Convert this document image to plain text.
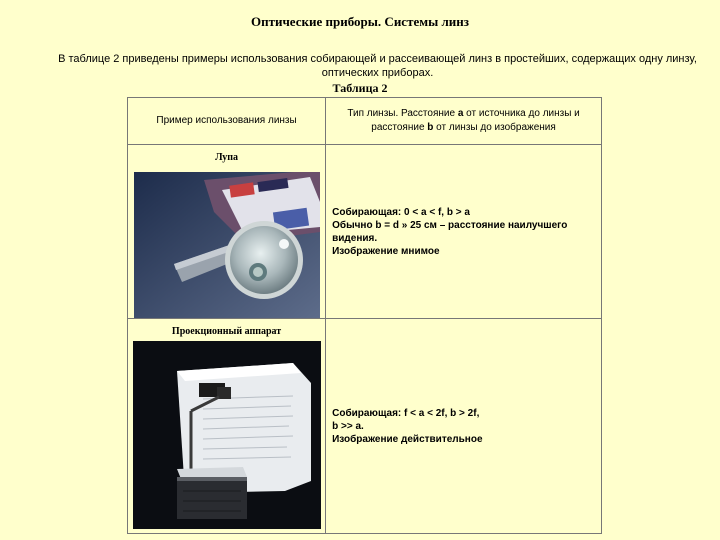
Оптические приборы. Системы линз
В таблице 2 приведены примеры использования собирающей и рассеивающей линз в простейших, содержащих одну линзу, оптических приборах.
Таблица 2
Пример использования линзы	Тип линзы. Расстояние a от источника до линзы и расстояние b от линзы до изображения

Лупа	Собирающая: 0 < a < f, b > a
Обычно b = d » 25 см – расстояние наилучшего видения.
Изображение мнимое

Проекционный аппарат	Собирающая: f < a < 2f, b > 2f,
b >> a.
Изображение действительное
